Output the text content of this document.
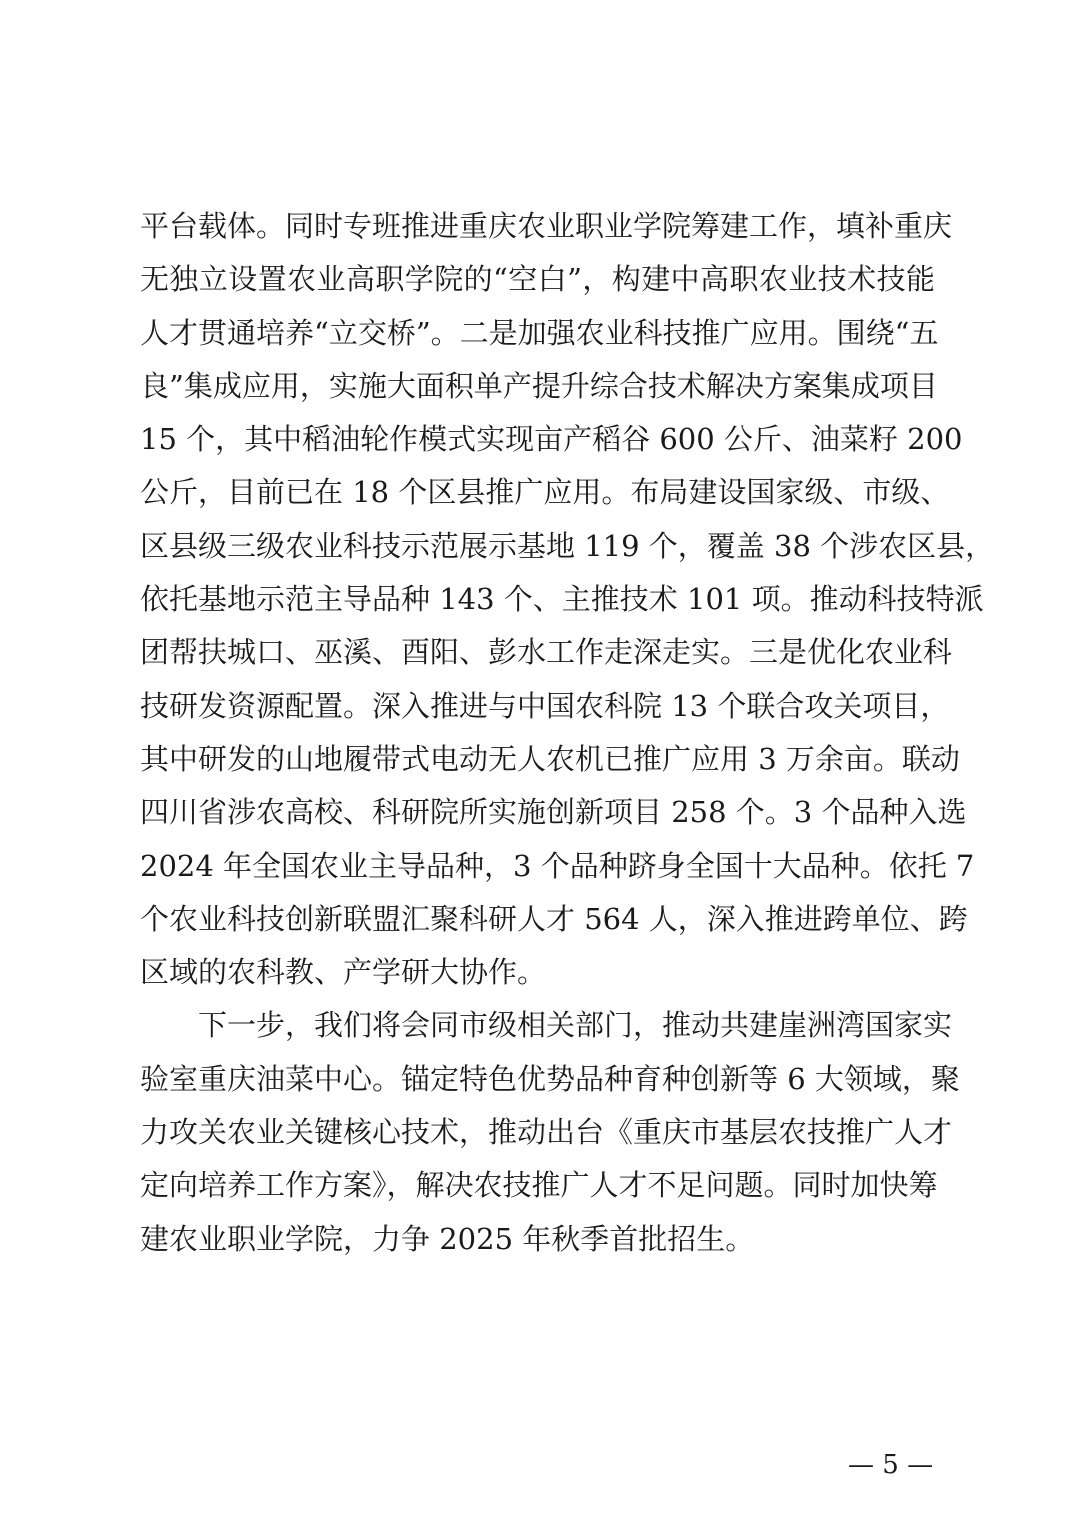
平台载体。同时专班推进重庆农业职业学院筹建工作，填补重庆
无独立设置农业高职学院的“空白”，构建中高职农业技术技能
人才贯通培养“立交桥”。二是加强农业科技推广应用。围绕“五
良”集成应用，实施大面积单产提升综合技术解决方案集成项目
15 个，其中稻油轮作模式实现亩产稻谷 600 公斤、油菜籽 200
公斤，目前已在 18 个区县推广应用。布局建设国家级、市级、
区县级三级农业科技示范展示基地 119 个，覆盖 38 个涉农区县，
依托基地示范主导品种 143 个、主推技术 101 项。推动科技特派
团帮扶城口、巫溪、酉阳、彭水工作走深走实。三是优化农业科
技研发资源配置。深入推进与中国农科院 13 个联合攻关项目，
其中研发的山地履带式电动无人农机已推广应用 3 万余亩。联动
四川省涉农高校、科研院所实施创新项目 258 个。3 个品种入选
2024 年全国农业主导品种，3 个品种跻身全国十大品种。依托 7
个农业科技创新联盟汇聚科研人才 564 人，深入推进跨单位、跨
区域的农科教、产学研大协作。
下一步，我们将会同市级相关部门，推动共建崖洲湾国家实
验室重庆油菜中心。锚定特色优势品种育种创新等 6 大领域，聚
力攻关农业关键核心技术，推动出台《重庆市基层农技推广人才
定向培养工作方案》，解决农技推广人才不足问题。同时加快筹
建农业职业学院，力争 2025 年秋季首批招生。
— 5 —
